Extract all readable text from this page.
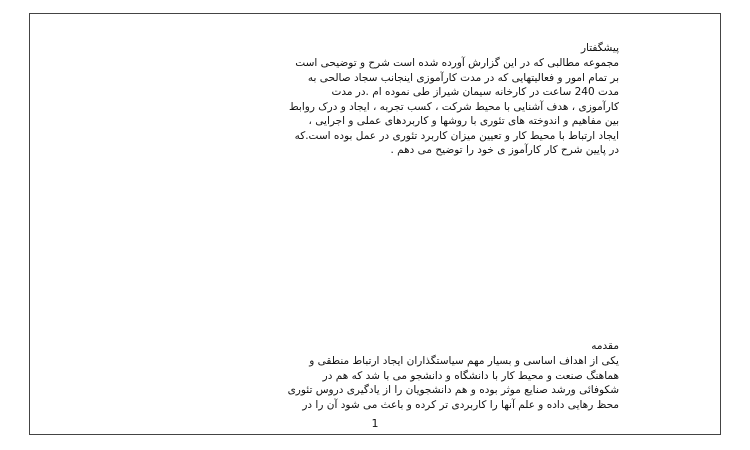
پیشگفتار
مجموعه مطالبی که در این گزارش آورده شده است شرح و توضیحی است
بر تمام امور و فعالیتهایی که در مدت کارآموزی اینجانب سجاد صالحی به
مدت 240 ساعت در کارخانه سیمان شیراز طی نموده ام .در مدت
کارآموزی ، هدف آشنایی با محیط شرکت ، کسب تجربه ، ایجاد و درک روابط
بین مفاهیم و اندوخته های تئوری با روشها و کاربردهای عملی و اجرایی ،
ایجاد ارتباط با محیط کار و تعیین میزان کاربرد تئوری در عمل بوده است.که
در پایین شرح کار کارآموز ی خود را توضیح می دهم .
مقدمه
یکی از اهداف اساسی و بسیار مهم سیاستگذاران ایجاد ارتباط منطقی و
هماهنگ صنعت و محیط کار با دانشگاه و دانشجو می با شد که هم در
شکوفائی ورشد صنایع موثر بوده و هم دانشجویان را از یادگیری دروس تئوری
محظ رهایی داده و علم آنها را کاربردی تر کرده و باعث می شود آن را در
1
